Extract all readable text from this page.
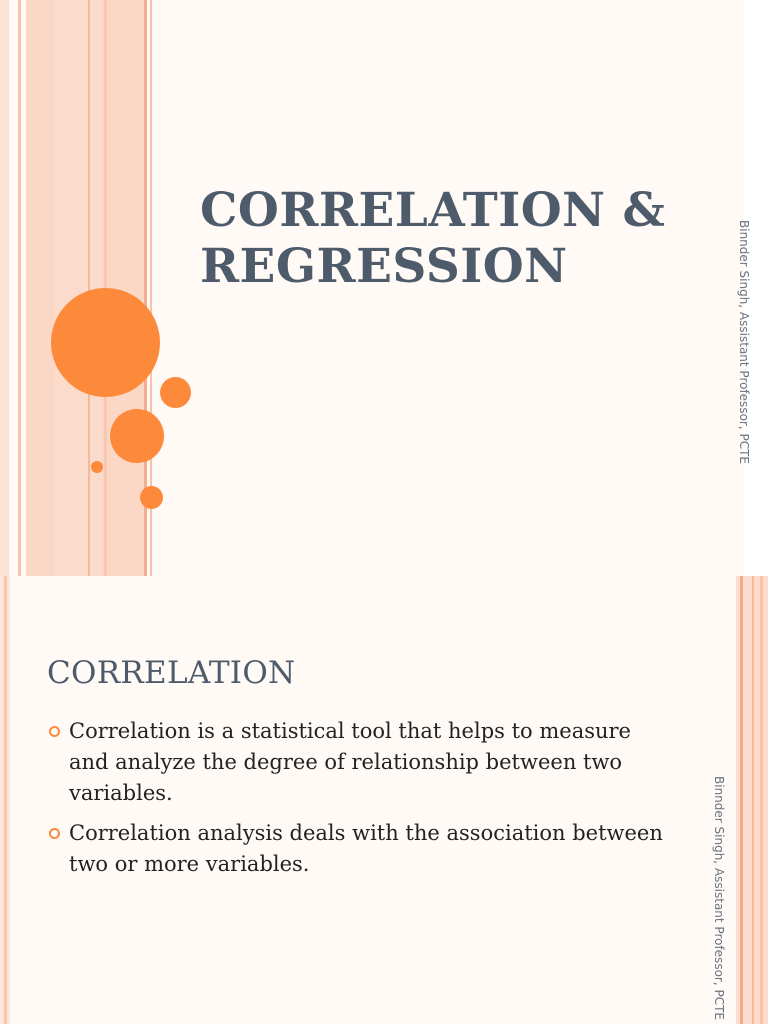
CORRELATION &
REGRESSION	Binnder Singh, Assistant Professor, PCTE
CORRELATION
Correlation is a statistical tool that helps to measure and analyze the degree of relationship between two variables.
Correlation analysis deals with the association between two or more variables.	Binnder Singh, Assistant Professor, PCTE
